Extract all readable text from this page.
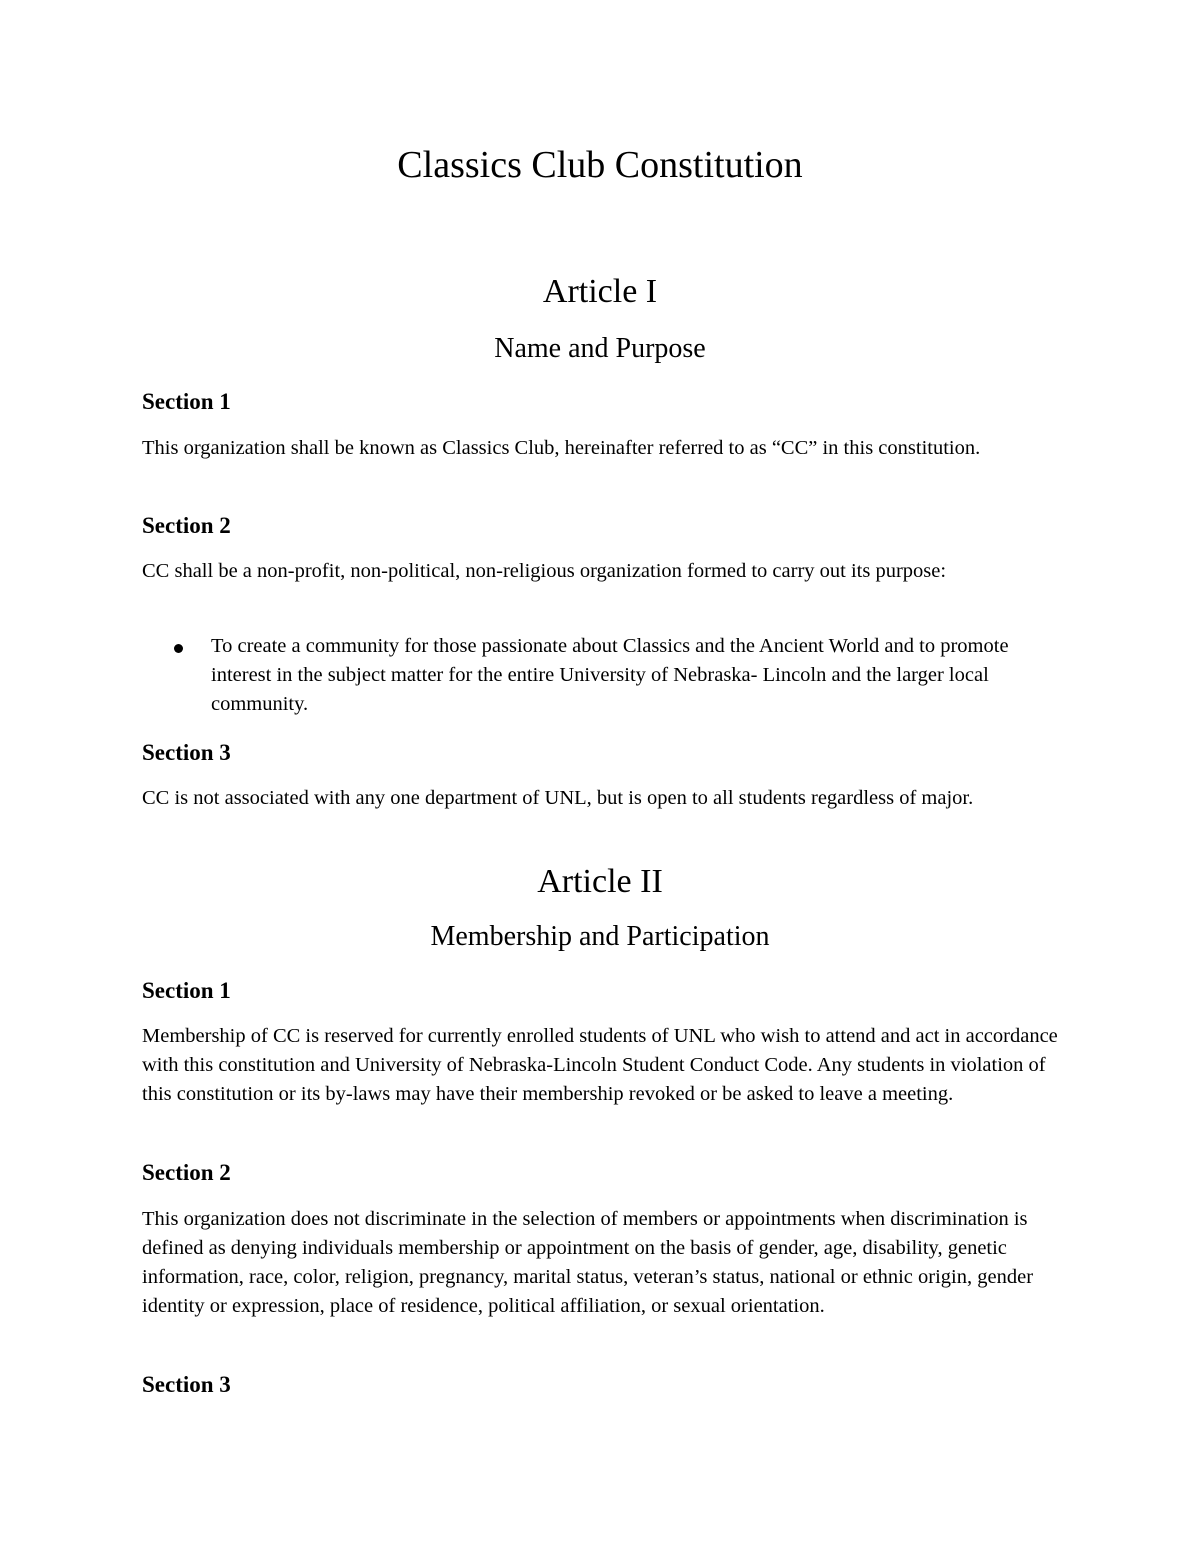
Classics Club Constitution
Article I
Name and Purpose
Section 1
This organization shall be known as Classics Club, hereinafter referred to as “CC” in this constitution.
Section 2
CC shall be a non-profit, non-political, non-religious organization formed to carry out its purpose:
To create a community for those passionate about Classics and the Ancient World and to promote interest in the subject matter for the entire University of Nebraska- Lincoln and the larger local community.
Section 3
CC is not associated with any one department of UNL, but is open to all students regardless of major.
Article II
Membership and Participation
Section 1
Membership of CC is reserved for currently enrolled students of UNL who wish to attend and act in accordance with this constitution and University of Nebraska-Lincoln Student Conduct Code. Any students in violation of this constitution or its by-laws may have their membership revoked or be asked to leave a meeting.
Section 2
This organization does not discriminate in the selection of members or appointments when discrimination is defined as denying individuals membership or appointment on the basis of gender, age, disability, genetic information, race, color, religion, pregnancy, marital status, veteran’s status, national or ethnic origin, gender identity or expression, place of residence, political affiliation, or sexual orientation.
Section 3
